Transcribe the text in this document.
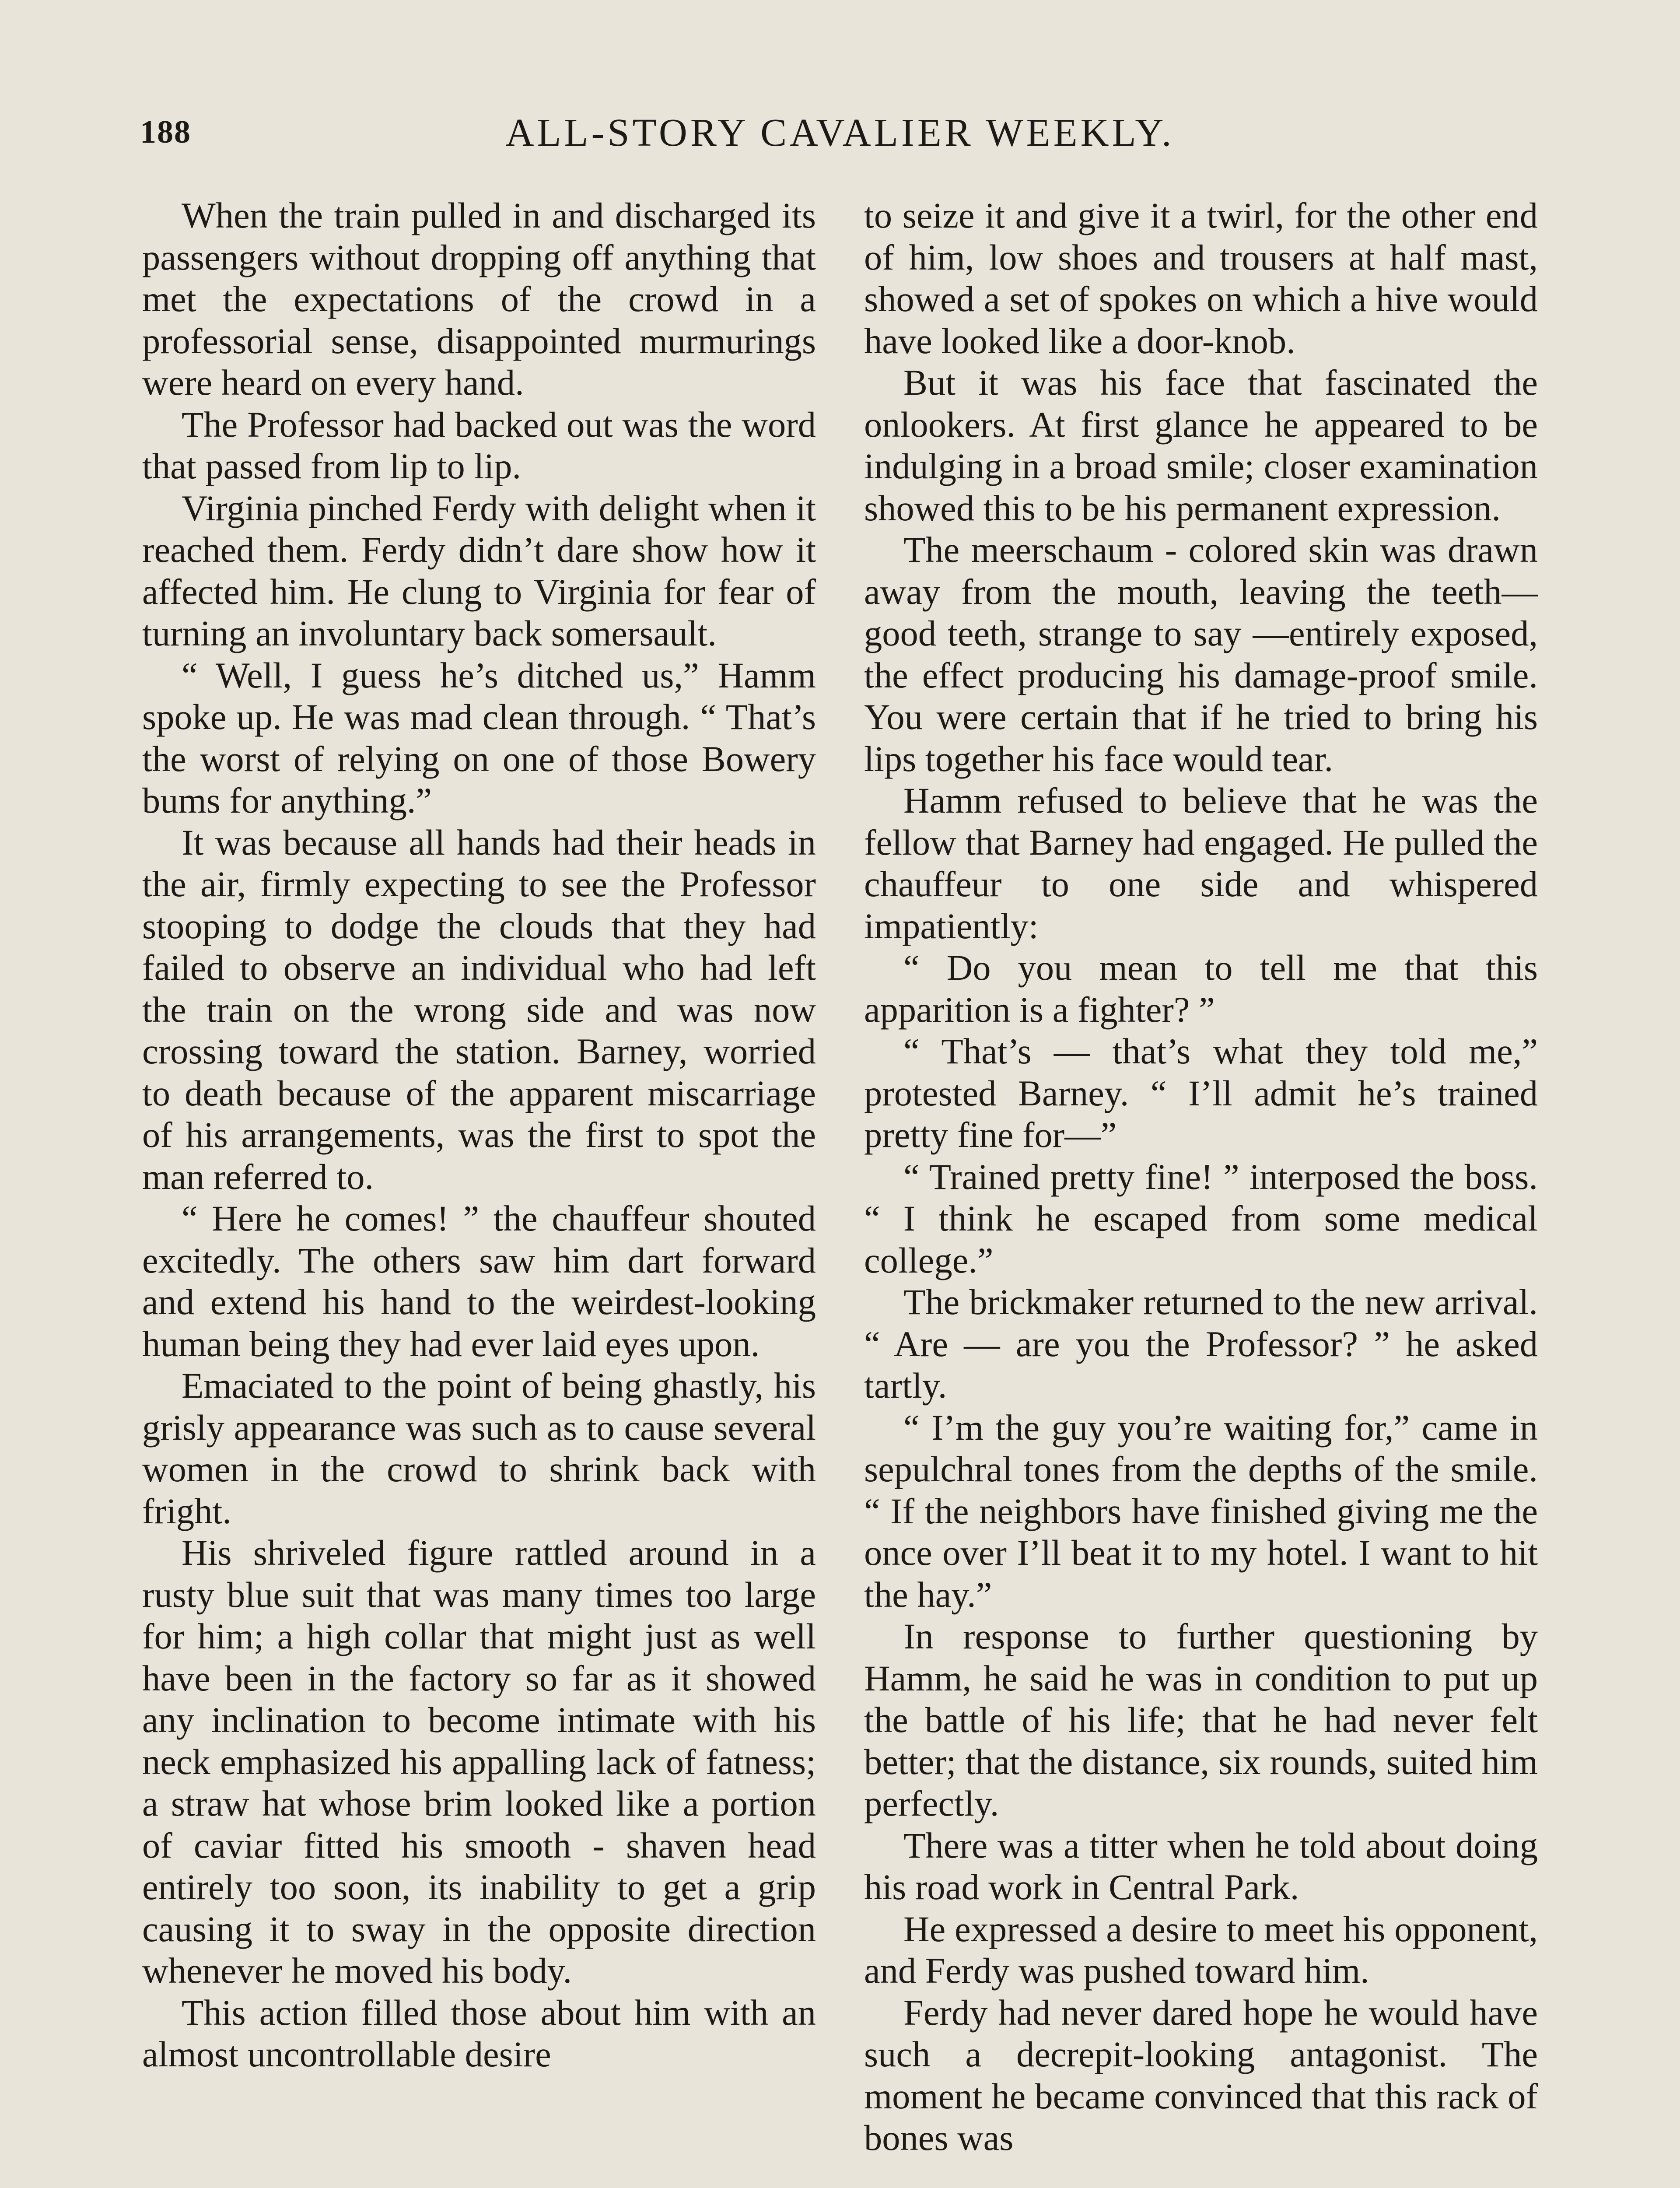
188	ALL-STORY CAVALIER WEEKLY.

When the train pulled in and discharged its passengers without dropping off anything that met the expectations of the crowd in a professorial sense, disappointed murmurings were heard on every hand.

The Professor had backed out was the word that passed from lip to lip.

Virginia pinched Ferdy with delight when it reached them. Ferdy didn’t dare show how it affected him. He clung to Virginia for fear of turning an involuntary back somersault.

“ Well, I guess he’s ditched us,” Hamm spoke up. He was mad clean through. “ That’s the worst of relying on one of those Bowery bums for anything.”

It was because all hands had their heads in the air, firmly expecting to see the Professor stooping to dodge the clouds that they had failed to observe an individual who had left the train on the wrong side and was now crossing toward the station. Barney, worried to death because of the apparent miscarriage of his arrangements, was the first to spot the man referred to.

“ Here he comes! ” the chauffeur shouted excitedly. The others saw him dart forward and extend his hand to the weirdest-looking human being they had ever laid eyes upon.

Emaciated to the point of being ghastly, his grisly appearance was such as to cause several women in the crowd to shrink back with fright.

His shriveled figure rattled around in a rusty blue suit that was many times too large for him; a high collar that might just as well have been in the factory so far as it showed any inclination to become intimate with his neck emphasized his appalling lack of fatness; a straw hat whose brim looked like a portion of caviar fitted his smooth - shaven head entirely too soon, its inability to get a grip causing it to sway in the opposite direction whenever he moved his body.

This action filled those about him with an almost uncontrollable desire

to seize it and give it a twirl, for the other end of him, low shoes and trousers at half mast, showed a set of spokes on which a hive would have looked like a door-knob.

But it was his face that fascinated the onlookers. At first glance he appeared to be indulging in a broad smile; closer examination showed this to be his permanent expression.

The meerschaum - colored skin was drawn away from the mouth, leaving the teeth—good teeth, strange to say —entirely exposed, the effect producing his damage-proof smile. You were certain that if he tried to bring his lips together his face would tear.

Hamm refused to believe that he was the fellow that Barney had engaged. He pulled the chauffeur to one side and whispered impatiently:

“ Do you mean to tell me that this apparition is a fighter? ”

“ That’s — that’s what they told me,” protested Barney. “ I’ll admit he’s trained pretty fine for—”

“ Trained pretty fine! ” interposed the boss. “ I think he escaped from some medical college.”

The brickmaker returned to the new arrival. “ Are — are you the Professor? ” he asked tartly.

“ I’m the guy you’re waiting for,” came in sepulchral tones from the depths of the smile. “ If the neighbors have finished giving me the once over I’ll beat it to my hotel. I want to hit the hay.”

In response to further questioning by Hamm, he said he was in condition to put up the battle of his life; that he had never felt better; that the distance, six rounds, suited him perfectly.

There was a titter when he told about doing his road work in Central Park.

He expressed a desire to meet his opponent, and Ferdy was pushed toward him.

Ferdy had never dared hope he would have such a decrepit-looking antagonist. The moment he became convinced that this rack of bones was
